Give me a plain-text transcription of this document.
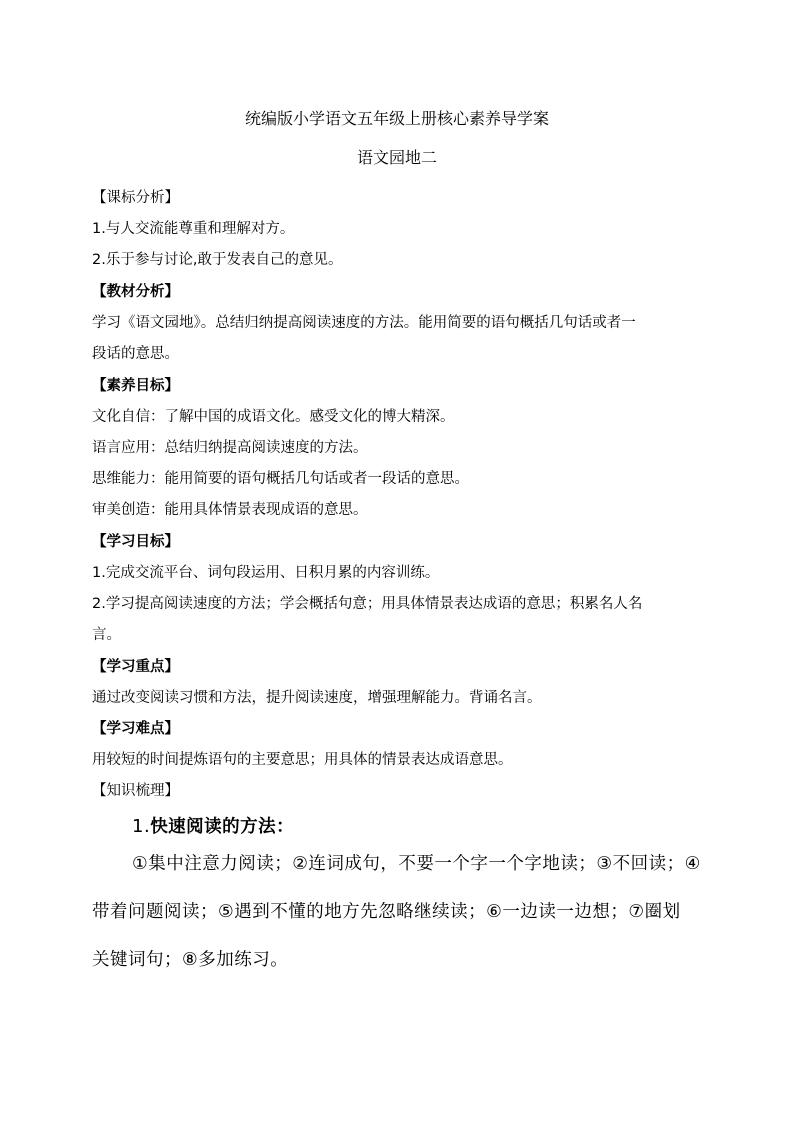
统编版小学语文五年级上册核心素养导学案
语文园地二
【课标分析】
1.与人交流能尊重和理解对方。
2.乐于参与讨论,敢于发表自己的意见。
【教材分析】
学习《语文园地》。总结归纳提高阅读速度的方法。能用简要的语句概括几句话或者一
段话的意思。
【素养目标】
文化自信：了解中国的成语文化。感受文化的博大精深。
语言应用：总结归纳提高阅读速度的方法。
思维能力：能用简要的语句概括几句话或者一段话的意思。
审美创造：能用具体情景表现成语的意思。
【学习目标】
1.完成交流平台、词句段运用、日积月累的内容训练。
2.学习提高阅读速度的方法；学会概括句意；用具体情景表达成语的意思；积累名人名
言。
【学习重点】
通过改变阅读习惯和方法，提升阅读速度，增强理解能力。背诵名言。
【学习难点】
用较短的时间提炼语句的主要意思；用具体的情景表达成语意思。
【知识梳理】
1.快速阅读的方法：
①集中注意力阅读；②连词成句，不要一个字一个字地读；③不回读；④
带着问题阅读；⑤遇到不懂的地方先忽略继续读；⑥一边读一边想；⑦圈划
关键词句；⑧多加练习。
